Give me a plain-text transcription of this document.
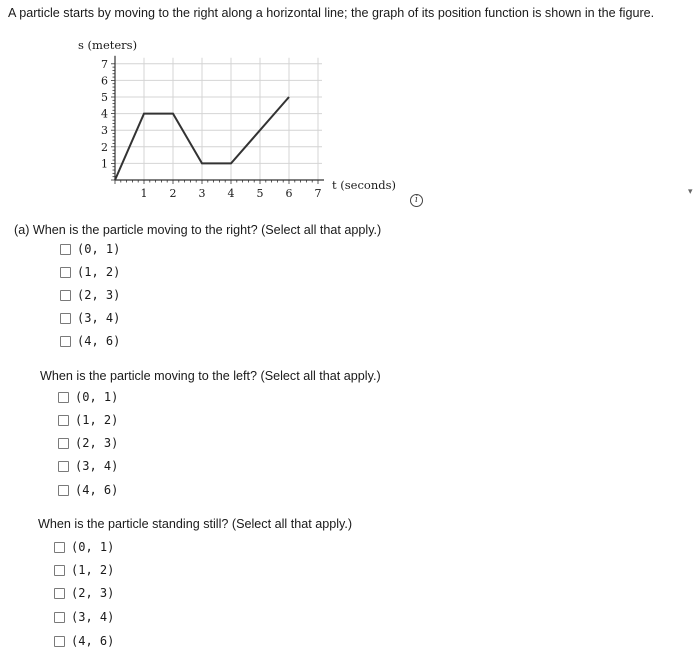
A particle starts by moving to the right along a horizontal line; the graph of its position function is shown in the figure.
1 2 3 4 5 6 7
1
2
3
4
5
6
7
s (meters)
t (seconds)
i
▾
(a) When is the particle moving to the right? (Select all that apply.)
(0, 1)
(1, 2)
(2, 3)
(3, 4)
(4, 6)
When is the particle moving to the left? (Select all that apply.)
(0, 1)
(1, 2)
(2, 3)
(3, 4)
(4, 6)
When is the particle standing still? (Select all that apply.)
(0, 1)
(1, 2)
(2, 3)
(3, 4)
(4, 6)
